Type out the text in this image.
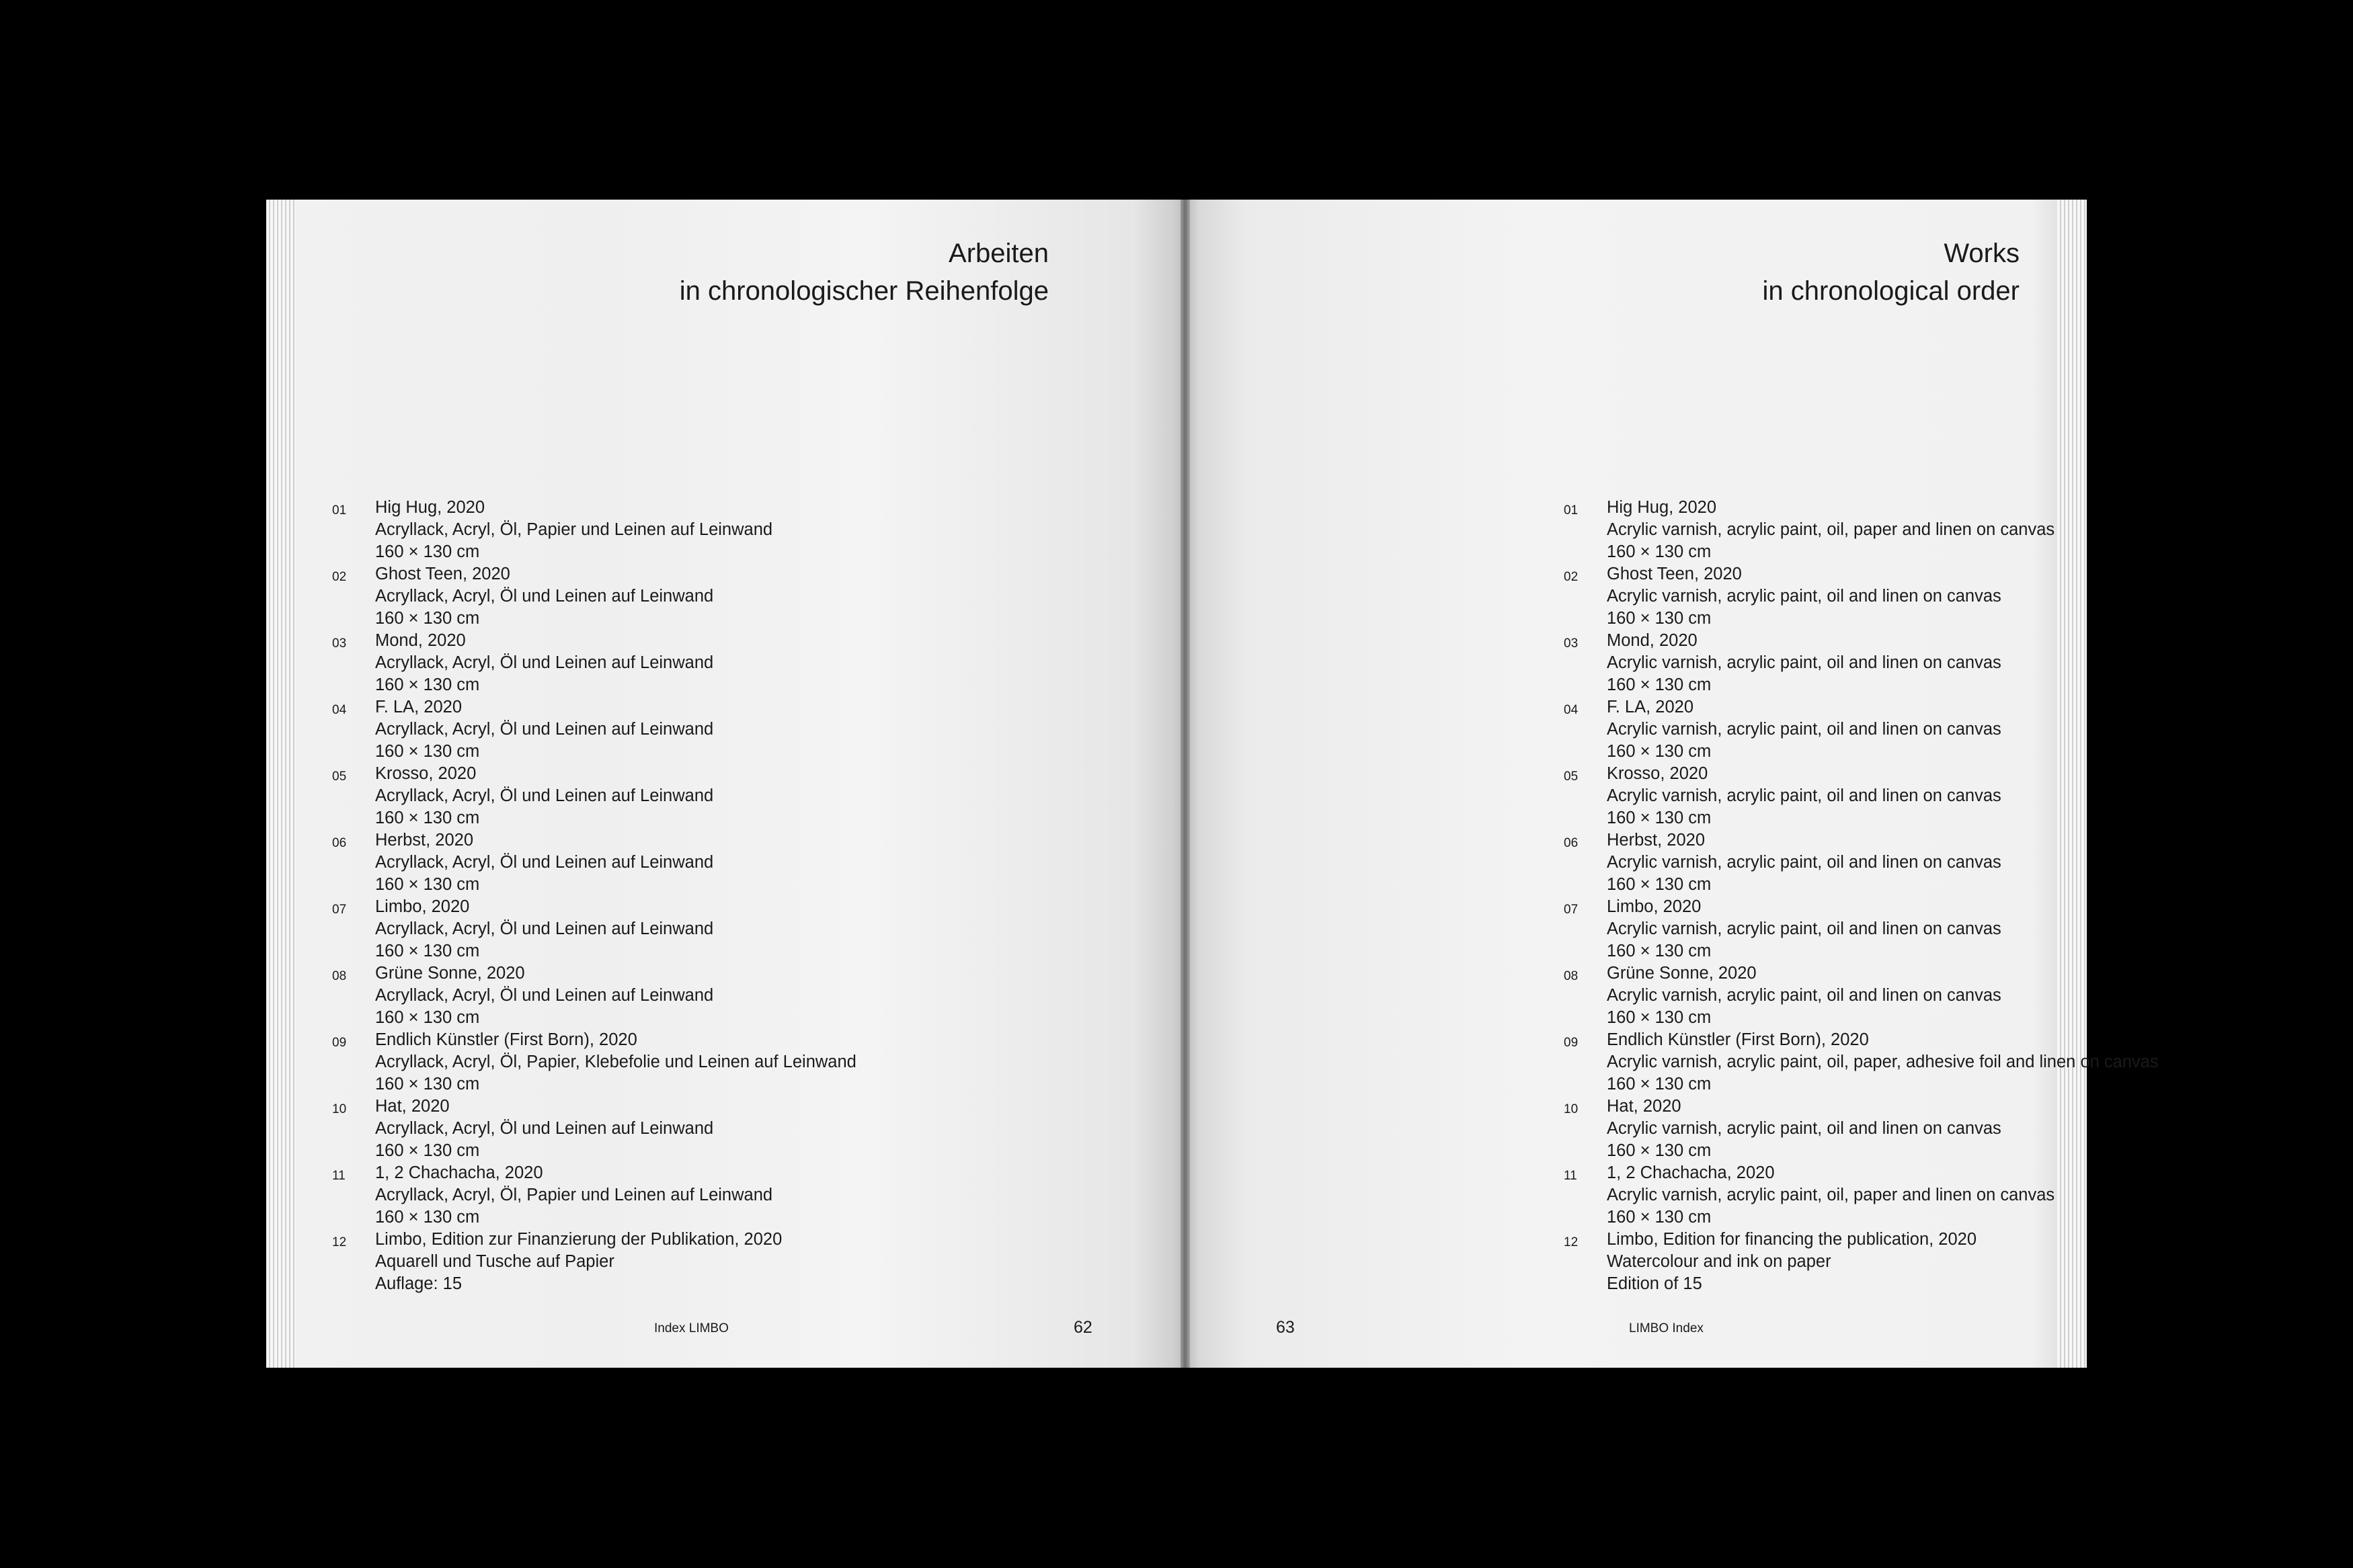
Arbeiten
in chronologischer Reihenfolge
01	Hig Hug, 2020
Acryllack, Acryl, Öl, Papier und Leinen auf Leinwand
160 × 130 cm
02	Ghost Teen, 2020
Acryllack, Acryl, Öl und Leinen auf Leinwand
160 × 130 cm
03	Mond, 2020
Acryllack, Acryl, Öl und Leinen auf Leinwand
160 × 130 cm
04	F. LA, 2020
Acryllack, Acryl, Öl und Leinen auf Leinwand
160 × 130 cm
05	Krosso, 2020
Acryllack, Acryl, Öl und Leinen auf Leinwand
160 × 130 cm
06	Herbst, 2020
Acryllack, Acryl, Öl und Leinen auf Leinwand
160 × 130 cm
07	Limbo, 2020
Acryllack, Acryl, Öl und Leinen auf Leinwand
160 × 130 cm
08	Grüne Sonne, 2020
Acryllack, Acryl, Öl und Leinen auf Leinwand
160 × 130 cm
09	Endlich Künstler (First Born), 2020
Acryllack, Acryl, Öl, Papier, Klebefolie und Leinen auf Leinwand
160 × 130 cm
10	Hat, 2020
Acryllack, Acryl, Öl und Leinen auf Leinwand
160 × 130 cm
11	1, 2 Chachacha, 2020
Acryllack, Acryl, Öl, Papier und Leinen auf Leinwand
160 × 130 cm
12	Limbo, Edition zur Finanzierung der Publikation, 2020
Aquarell und Tusche auf Papier
Auflage: 15
Index LIMBO	62
Works
in chronological order
01	Hig Hug, 2020
Acrylic varnish, acrylic paint, oil, paper and linen on canvas
160 × 130 cm
02	Ghost Teen, 2020
Acrylic varnish, acrylic paint, oil and linen on canvas
160 × 130 cm
03	Mond, 2020
Acrylic varnish, acrylic paint, oil and linen on canvas
160 × 130 cm
04	F. LA, 2020
Acrylic varnish, acrylic paint, oil and linen on canvas
160 × 130 cm
05	Krosso, 2020
Acrylic varnish, acrylic paint, oil and linen on canvas
160 × 130 cm
06	Herbst, 2020
Acrylic varnish, acrylic paint, oil and linen on canvas
160 × 130 cm
07	Limbo, 2020
Acrylic varnish, acrylic paint, oil and linen on canvas
160 × 130 cm
08	Grüne Sonne, 2020
Acrylic varnish, acrylic paint, oil and linen on canvas
160 × 130 cm
09	Endlich Künstler (First Born), 2020
Acrylic varnish, acrylic paint, oil, paper, adhesive foil and linen on canvas
160 × 130 cm
10	Hat, 2020
Acrylic varnish, acrylic paint, oil and linen on canvas
160 × 130 cm
11	1, 2 Chachacha, 2020
Acrylic varnish, acrylic paint, oil, paper and linen on canvas
160 × 130 cm
12	Limbo, Edition for financing the publication, 2020
Watercolour and ink on paper
Edition of 15
LIMBO Index
63
